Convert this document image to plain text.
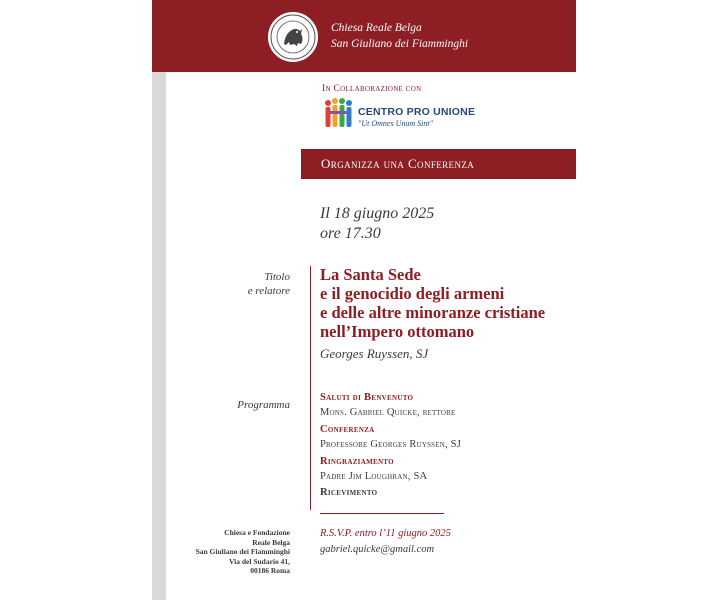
Chiesa Reale Belga
San Giuliano dei Fiamminghi
In Collaborazione con
CENTRO PRO UNIONE
"Ut Omnes Unum Sint"
Organizza una Conferenza
Il 18 giugno 2025
ore 17.30
Titolo
e relatore
La Santa Sede
e il genocidio degli armeni
e delle altre minoranze cristiane
nell’Impero ottomano
Georges Ruyssen, SJ
Programma
Saluti di Benvenuto
Mons. Gabriel Quicke, rettore
Conferenza
Professore Georges Ruyssen, SJ
Ringraziamento
Padre Jim Loughran, SA
Ricevimento
R.S.V.P. entro l’11 giugno 2025
gabriel.quicke@gmail.com
Chiesa e Fondazione
Reale Belga
San Giuliano dei Fiamminghi
Via del Sudario 41,
00186 Roma
